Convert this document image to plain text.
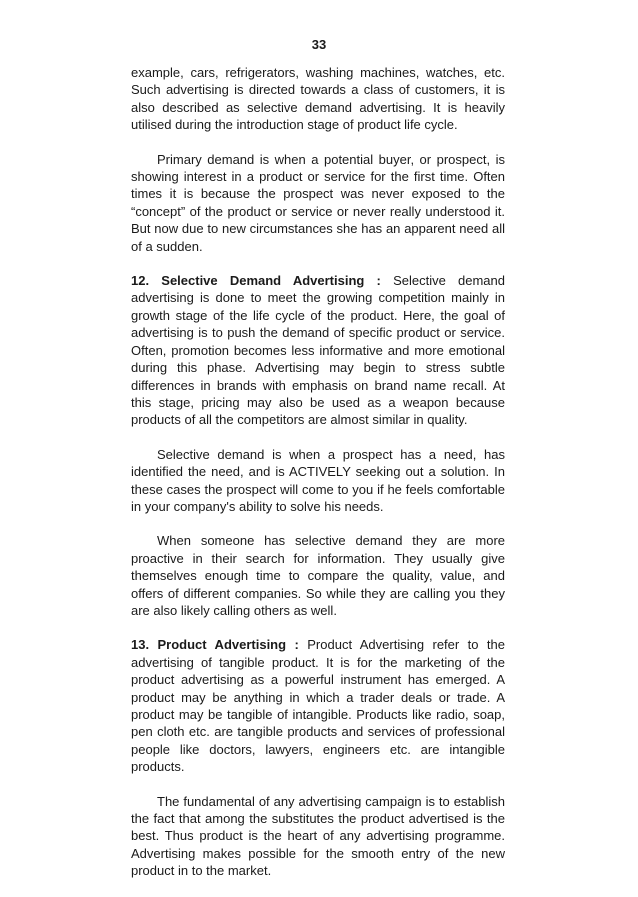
33

example, cars, refrigerators, washing machines, watches, etc. Such advertising is directed towards a class of customers, it is also described as selective demand advertising. It is heavily utilised during the introduction stage of product life cycle.

Primary demand is when a potential buyer, or prospect, is showing interest in a product or service for the first time. Often times it is because the prospect was never exposed to the “concept” of the product or service or never really understood it. But now due to new circumstances she has an apparent need all of a sudden.

12. Selective Demand Advertising : Selective demand advertising is done to meet the growing competition mainly in growth stage of the life cycle of the product. Here, the goal of advertising is to push the demand of specific product or service. Often, promotion becomes less informative and more emotional during this phase. Advertising may begin to stress subtle differences in brands with emphasis on brand name recall. At this stage, pricing may also be used as a weapon because products of all the competitors are almost similar in quality.

Selective demand is when a prospect has a need, has identified the need, and is ACTIVELY seeking out a solution. In these cases the prospect will come to you if he feels comfortable in your company's ability to solve his needs.

When someone has selective demand they are more proactive in their search for information. They usually give themselves enough time to compare the quality, value, and offers of different companies. So while they are calling you they are also likely calling others as well.

13. Product Advertising : Product Advertising refer to the advertising of tangible product. It is for the marketing of the product advertising as a powerful instrument has emerged. A product may be anything in which a trader deals or trade. A product may be tangible of intangible. Products like radio, soap, pen cloth etc. are tangible products and services of professional people like doctors, lawyers, engineers etc. are intangible products.

The fundamental of any advertising campaign is to establish the fact that among the substitutes the product advertised is the best. Thus product is the heart of any advertising programme. Advertising makes possible for the smooth entry of the new product in to the market.
